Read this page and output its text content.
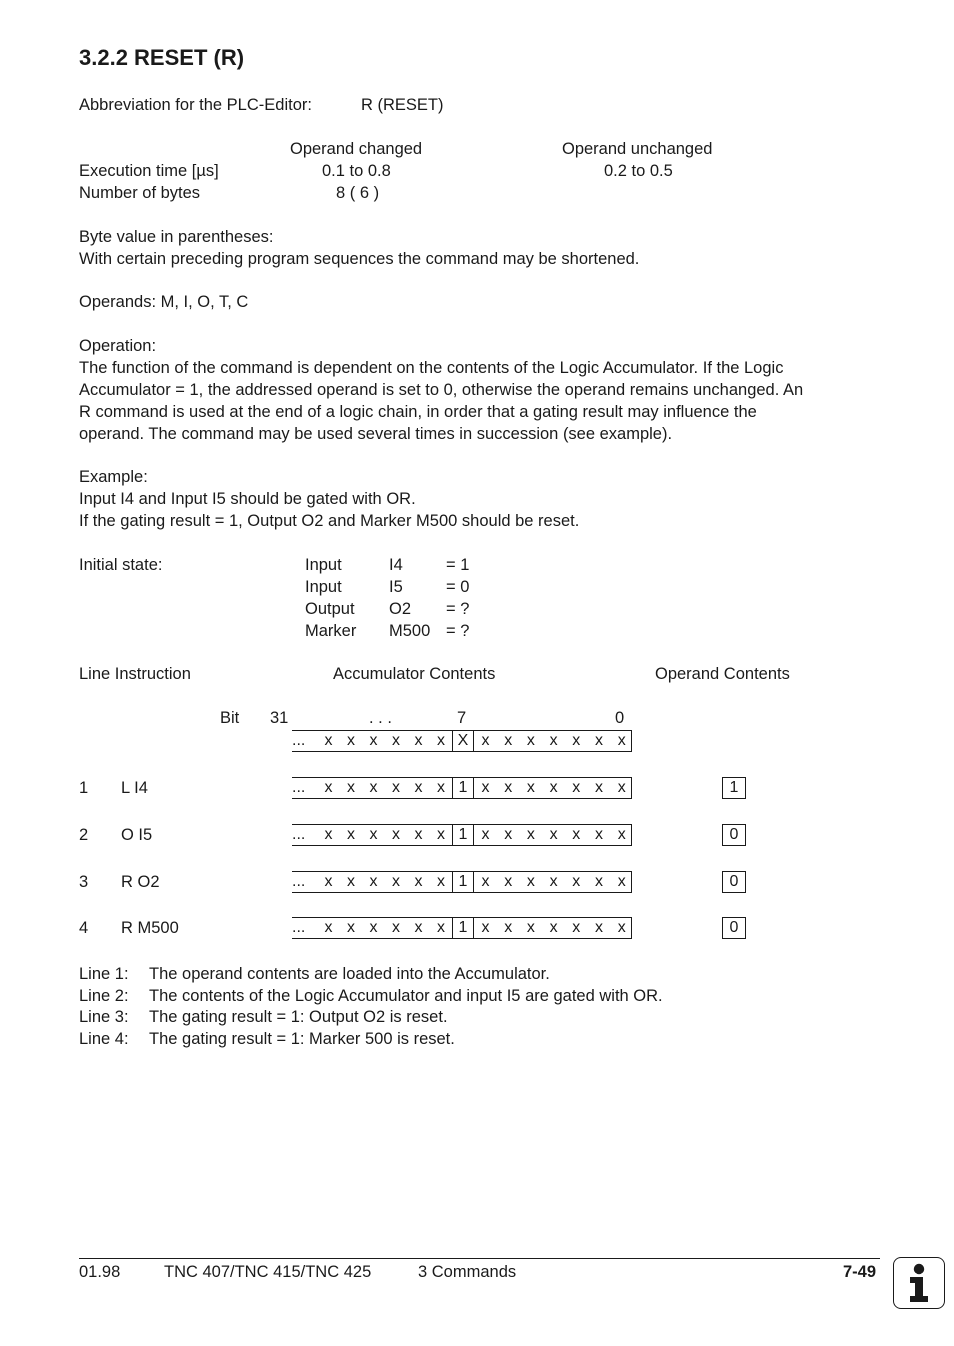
3.2.2 RESET (R)
Abbreviation for the PLC-Editor:	R (RESET)
Operand changed	Operand unchanged
Execution time [µs]	0.1 to 0.8	0.2 to 0.5
Number of bytes	8 ( 6 )
Byte value in parentheses:
With certain preceding program sequences the command may be shortened.
Operands: M, I, O, T, C
Operation:
The function of the command is dependent on the contents of the Logic Accumulator. If the Logic
Accumulator = 1, the addressed operand is set to 0, otherwise the operand remains unchanged. An
R command is used at the end of a logic chain, in order that a gating result may influence the
operand. The command may be used several times in succession (see example).
Example:
Input I4 and Input I5 should be gated with OR.
If the gating result = 1, Output O2 and Marker M500 should be reset.
Initial state:	Input	I4	= 1
Input	I5	= 0
Output O2 = ?
Marker M500 = ?
Line Instruction	Accumulator Contents	Operand Contents
Bit 31	. . .	7	0
...	x x x x x x X x x x x x x x
1 L I4	...	x x x x x x 1 x x x x x x x	1
2 O I5	...	x x x x x x 1 x x x x x x x	0
3 R O2	...	x x x x x x 1 x x x x x x x	0
4 R M500	...	x x x x x x 1 x x x x x x x	0
Line 1: The operand contents are loaded into the Accumulator.
Line 2: The contents of the Logic Accumulator and input I5 are gated with OR.
Line 3: The gating result = 1: Output O2 is reset.
Line 4: The gating result = 1: Marker 500 is reset.
01.98	TNC 407/TNC 415/TNC 425	3 Commands	7-49
